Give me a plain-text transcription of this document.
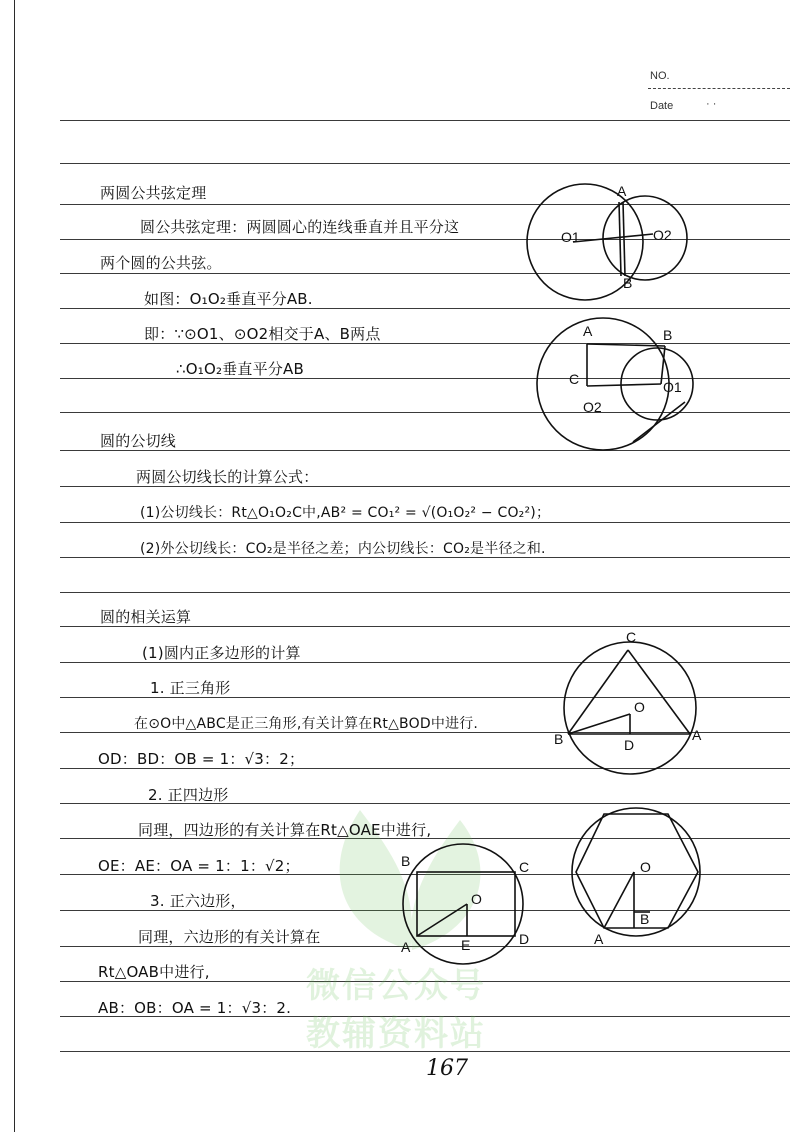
NO.
Date	· ·
微信公众号
教辅资料站
两圆公共弦定理
圆公共弦定理：两圆圆心的连线垂直并且平分这
两个圆的公共弦。
如图：O₁O₂垂直平分AB.
即：∵⊙O1、⊙O2相交于A、B两点
∴O₁O₂垂直平分AB
圆的公切线
两圆公切线长的计算公式：
(1)公切线长：Rt△O₁O₂C中,AB² = CO₁² = √(O₁O₂² − CO₂²)；
(2)外公切线长：CO₂是半径之差；内公切线长：CO₂是半径之和.
圆的相关运算
(1)圆内正多边形的计算
1. 正三角形
在⊙O中△ABC是正三角形,有关计算在Rt△BOD中进行.
OD：BD：OB = 1：√3：2；
2. 正四边形
同理，四边形的有关计算在Rt△OAE中进行,
OE：AE：OA = 1：1：√2；
3. 正六边形，
同理，六边形的有关计算在
Rt△OAB中进行,
AB：OB：OA = 1：√3：2.
A
B
O1	O2
A	B
C	O1
O2
C
B	A
D
O
B	C
A	D
E
O
A
B
O
167
